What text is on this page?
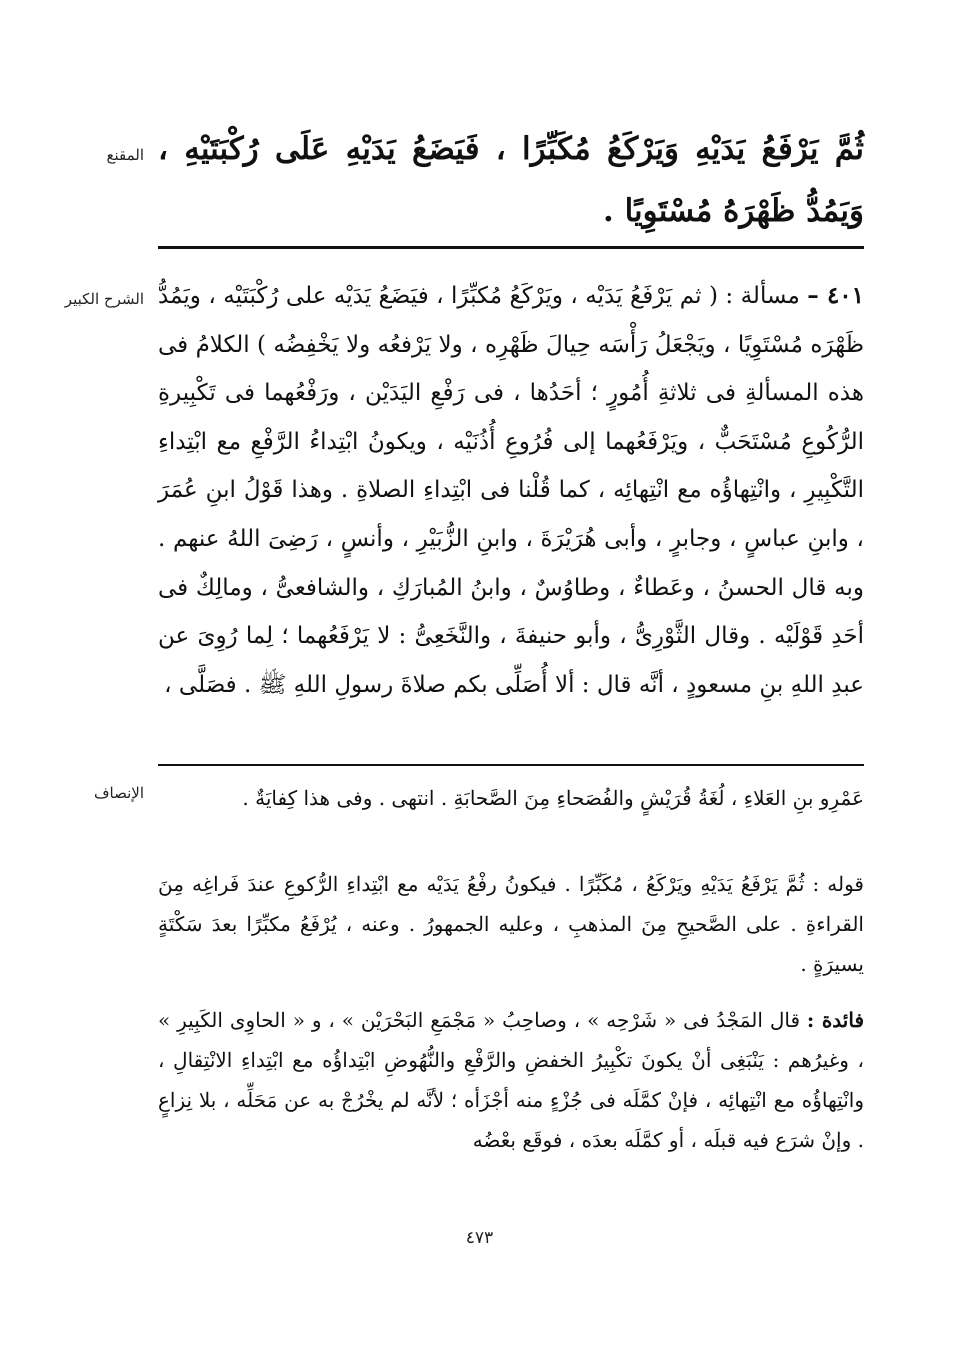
المقنع ثُمَّ يَرْفَعُ يَدَيْهِ وَيَرْكَعُ مُكَبِّرًا ، فَيَضَعُ يَدَيْهِ عَلَى رُكْبَتَيْهِ ، وَيَمُدُّ ظَهْرَهُ مُسْتَوِيًا .
الشرح الكبير	٤٠١ – مسألة : ( ثم يَرْفَعُ يَدَيْه ، ويَرْكَعُ مُكبِّرًا ، فيَضَعُ يَدَيْه على رُكْبَتَيْه ، ويَمُدُّ ظَهْرَه مُسْتَوِيًا ، ويَجْعَلُ رَأْسَه حِيالَ ظَهْرِه ، ولا يَرْفعُه ولا يَخْفِضُه ) الكلامُ فى هذه المسألةِ فى ثلاثةِ أُمُورٍ ؛ أحَدُها ، فى رَفْعِ اليَدَيْن ، ورَفْعُهما فى تَكْبِيرةِ الرُّكُوعِ مُسْتَحَبٌّ ، ويَرْفَعُهما إلى فُرُوعِ أُذُنَيْه ، ويكونُ ابْتِداءُ الرَّفْعِ مع ابْتِداءِ التَّكْبِيرِ ، وانْتِهاؤُه مع انْتِهائِه ، كما قُلْنا فى ابْتِداءِ الصلاةِ . وهذا قَوْلُ ابنِ عُمَرَ ، وابنِ عباسٍ ، وجابرٍ ، وأبى هُرَيْرَةَ ، وابنِ الزُّبَيْرِ ، وأنسٍ ، رَضِىَ اللهُ عنهم . وبه قال الحسنُ ، وعَطاءٌ ، وطاوُسٌ ، وابنُ المُبارَكِ ، والشافعىُّ ، ومالِكٌ فى أحَدِ قَوْلَيْه . وقال الثَّوْرِىُّ ، وأبو حنيفةَ ، والنَّخَعِىُّ : لا يَرْفَعُهما ؛ لِما رُوِىَ عن عبدِ اللهِ بنِ مسعودٍ ، أنَّه قال : ألا أُصَلِّى بكم صلاةَ رسولِ اللهِ ﷺ . فصَلَّى ،
الإنصاف	عَمْرِو بنِ العَلاءِ ، لُغَةُ قُرَيْشٍ والفُصَحاءِ مِنَ الصَّحابَةِ . انتهى . وفى هذا كِفايَةٌ .
قوله : ثُمَّ يَرْفَعُ يَدَيْهِ ويَرْكَعُ ، مُكَبِّرًا . فيكونُ رفْعُ يَدَيْه مع ابْتِداءِ الرُّكوعِ عندَ فَراغِه مِنَ القراءةِ . على الصَّحيحِ مِنَ المذهبِ ، وعليه الجمهورُ . وعنه ، يُرْفَعُ مكبِّرًا بعدَ سَكْتَةٍ يسيرَةٍ .
فائدة : قال المَجْدُ فى « شَرْحِه » ، وصاحِبُ « مَجْمَعِ البَحْرَيْن » ، و « الحاوِى الكَبِيرِ » ، وغيرُهم : يَنْبَغِى أنْ يكونَ تكْبِيرُ الخفضِ والرَّفْعِ والنُّهُوضِ ابْتِداؤُه مع ابْتِداءِ الانْتِقالِ ، وانْتِهاؤُه مع انْتِهائِه ، فإنْ كمَّلَه فى جُزْءٍ منه أجْزَأه ؛ لأنَّه لم يخْرُجْ به عن مَحَلِّه ، بلا نِزاعٍ . وإنْ شرَع فيه قبلَه ، أو كمَّلَه بعدَه ، فوقَع بعْضُه
٤٧٣
